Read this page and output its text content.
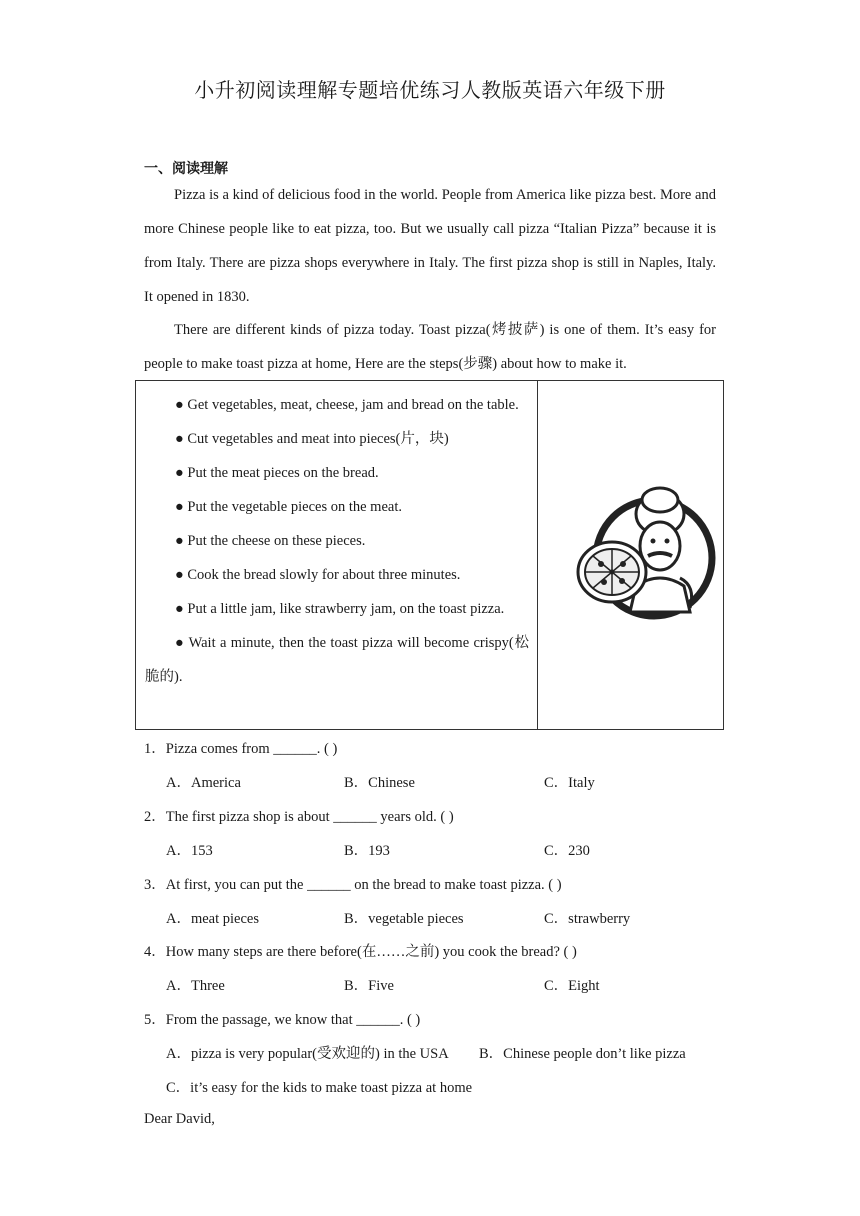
小升初阅读理解专题培优练习人教版英语六年级下册
一、阅读理解

Pizza is a kind of delicious food in the world. People from America like pizza best. More and more Chinese people like to eat pizza, too. But we usually call pizza “Italian Pizza” because it is from Italy. There are pizza shops everywhere in Italy. The first pizza shop is still in Naples, Italy. It opened in 1830.

There are different kinds of pizza today. Toast pizza(烤披萨) is one of them. It’s easy for people to make toast pizza at home, Here are the steps(步骤) about how to make it.

● Get vegetables, meat, cheese, jam and bread on the table.

● Cut vegetables and meat into pieces(片，块)

● Put the meat pieces on the bread.

● Put the vegetable pieces on the meat.

● Put the cheese on these pieces.

● Cook the bread slowly for about three minutes.

● Put a little jam, like strawberry jam, on the toast pizza.

● Wait a minute, then the toast pizza will become crispy(松脆的).

1．Pizza comes from ______. ( )
A．America	B．Chinese	C．Italy
2．The first pizza shop is about ______ years old. ( )
A．153	B．193	C．230
3．At first, you can put the ______ on the bread to make toast pizza. ( )
A．meat pieces	B．vegetable pieces	C．strawberry
4．How many steps are there before(在……之前) you cook the bread? ( )
A．Three	B．Five	C．Eight
5．From the passage, we know that ______. ( )
A．pizza is very popular(受欢迎的) in the USA B．Chinese people don’t like pizza
C．it’s easy for the kids to make toast pizza at home
Dear David,
